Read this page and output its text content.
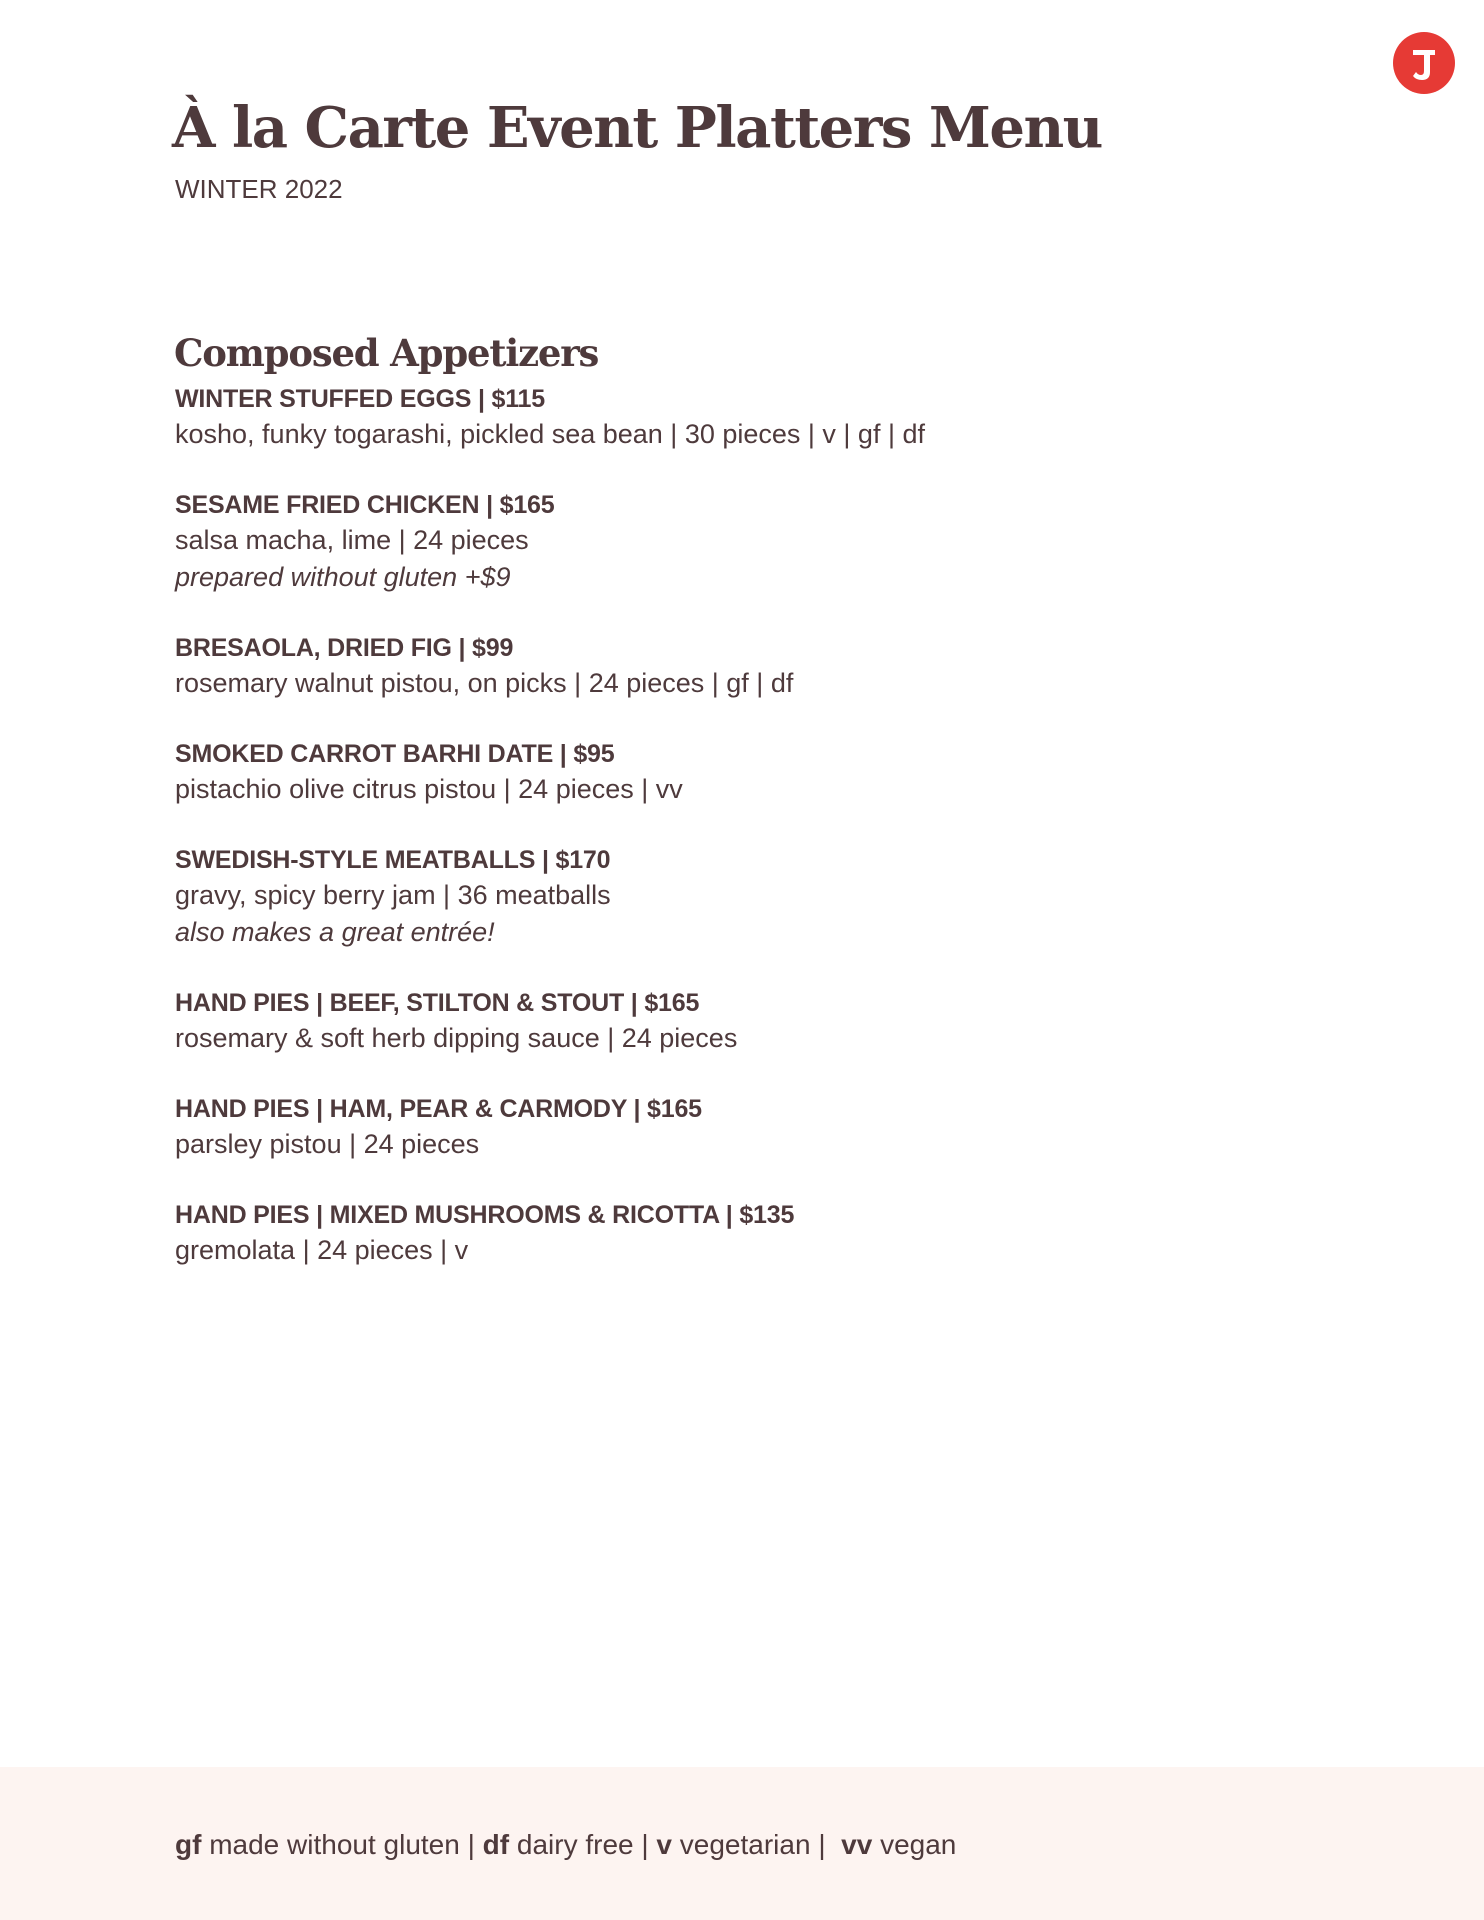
À la Carte Event Platters Menu
WINTER 2022
Composed Appetizers
WINTER STUFFED EGGS | $115
kosho, funky togarashi, pickled sea bean | 30 pieces | v | gf | df
SESAME FRIED CHICKEN | $165
salsa macha, lime | 24 pieces
prepared without gluten +$9
BRESAOLA, DRIED FIG | $99
rosemary walnut pistou, on picks | 24 pieces | gf | df
SMOKED CARROT BARHI DATE | $95
pistachio olive citrus pistou | 24 pieces | vv
SWEDISH-STYLE MEATBALLS | $170
gravy, spicy berry jam | 36 meatballs
also makes a great entrée!
HAND PIES | BEEF, STILTON & STOUT | $165
rosemary & soft herb dipping sauce | 24 pieces
HAND PIES | HAM, PEAR & CARMODY | $165
parsley pistou | 24 pieces
HAND PIES | MIXED MUSHROOMS & RICOTTA | $135
gremolata | 24 pieces | v
gf made without gluten | df dairy free | v vegetarian |  vv vegan
